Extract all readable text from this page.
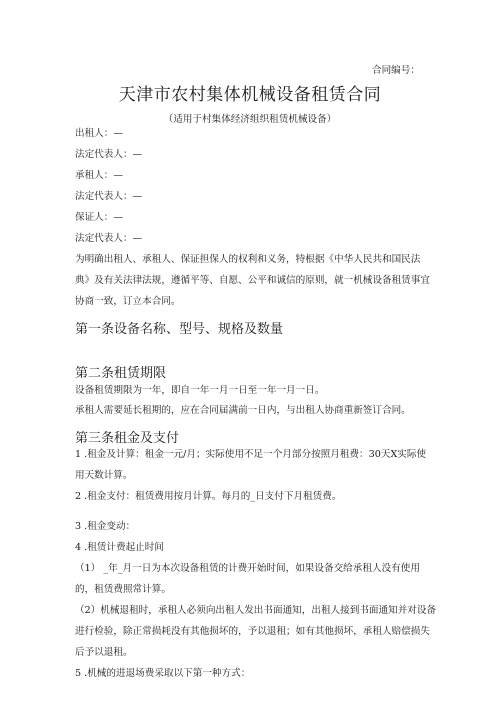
合同编号：
天津市农村集体机械设备租赁合同
（适用于村集体经济组织租赁机械设备）
出租人：—
法定代表人：—
承租人：—
法定代表人：—
保证人：—
法定代表人：—
为明确出租人、承租人、保证担保人的权利和义务，特根据《中华人民共和国民法
典》及有关法律法规，遵循平等、自愿、公平和诚信的原则，就一机械设备租赁事宜
协商一致，订立本合同。
第一条设备名称、型号、规格及数量
第二条租赁期限
设备租赁期限为一年，即自一年一月一日至一年一月一日。
承租人需要延长租期的，应在合同届满前一日内，与出租人协商重新签订合同。
第三条租金及支付
1 .租金及计算：租金一元/月；实际使用不足一个月部分按照月租费：30天X实际使
用天数计算。
2 .租金支付：租赁费用按月计算。每月的_日支付下月租赁费。
3 .租金变动：
4 .租赁计费起止时间
（1） _年_月一日为本次设备租赁的计费开始时间，如果设备交给承租人没有使用
的，租赁费照常计算。
（2）机械退租时，承租人必须向出租人发出书面通知，出租人接到书面通知并对设备
进行检验，除正常损耗没有其他损坏的，予以退租；如有其他损坏，承租人赔偿损失
后予以退租。
5 .机械的进退场费采取以下第一种方式：
